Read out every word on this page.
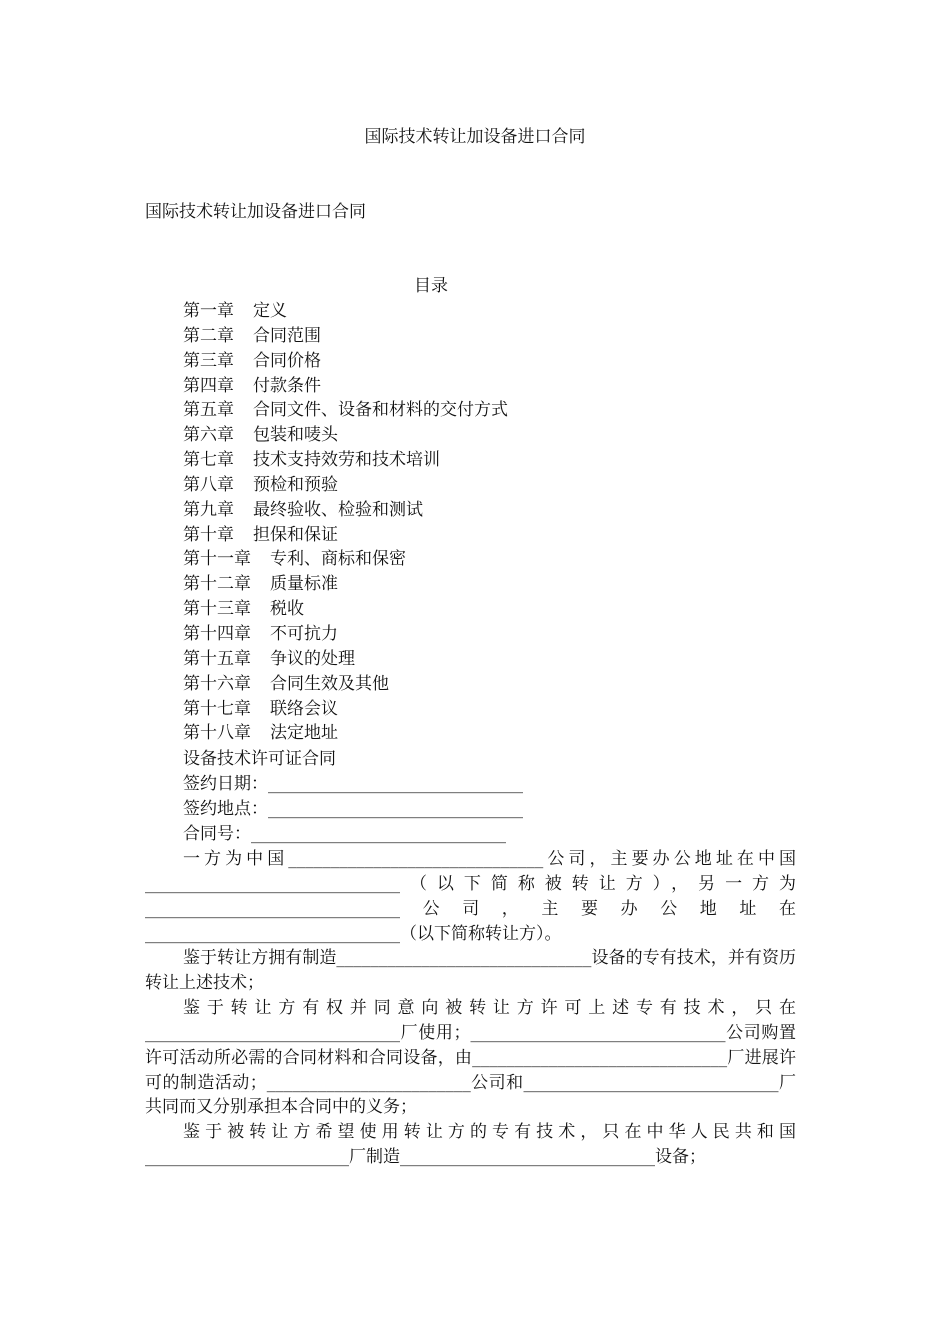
国际技术转让加设备进口合同
国际技术转让加设备进口合同
目录
第一章 定义
第二章 合同范围
第三章 合同价格
第四章 付款条件
第五章 合同文件、设备和材料的交付方式
第六章 包装和唛头
第七章 技术支持效劳和技术培训
第八章 预检和预验
第九章 最终验收、检验和测试
第十章 担保和保证
第十一章 专利、商标和保密
第十二章 质量标准
第十三章 税收
第十四章 不可抗力
第十五章 争议的处理
第十六章 合同生效及其他
第十七章 联络会议
第十八章 法定地址
设备技术许可证合同
签约日期：______________________________
签约地点：______________________________
合同号：______________________________

一方为中国______________________________公司，主要办公地址在中国______________________________（以下简称被转让方），另一方为______________________________公司，主要办公地址在______________________________（以下简称转让方）。

鉴于转让方拥有制造______________________________设备的专有技术，并有资历转让上述技术；

鉴于转让方有权并同意向被转让方许可上述专有技术，只在______________________________厂使用；______________________________公司购置许可活动所必需的合同材料和合同设备，由______________________________厂进展许可的制造活动；________________________公司和______________________________厂共同而又分别承担本合同中的义务；

鉴于被转让方希望使用转让方的专有技术，只在中华人民共和国________________________厂制造______________________________设备；
